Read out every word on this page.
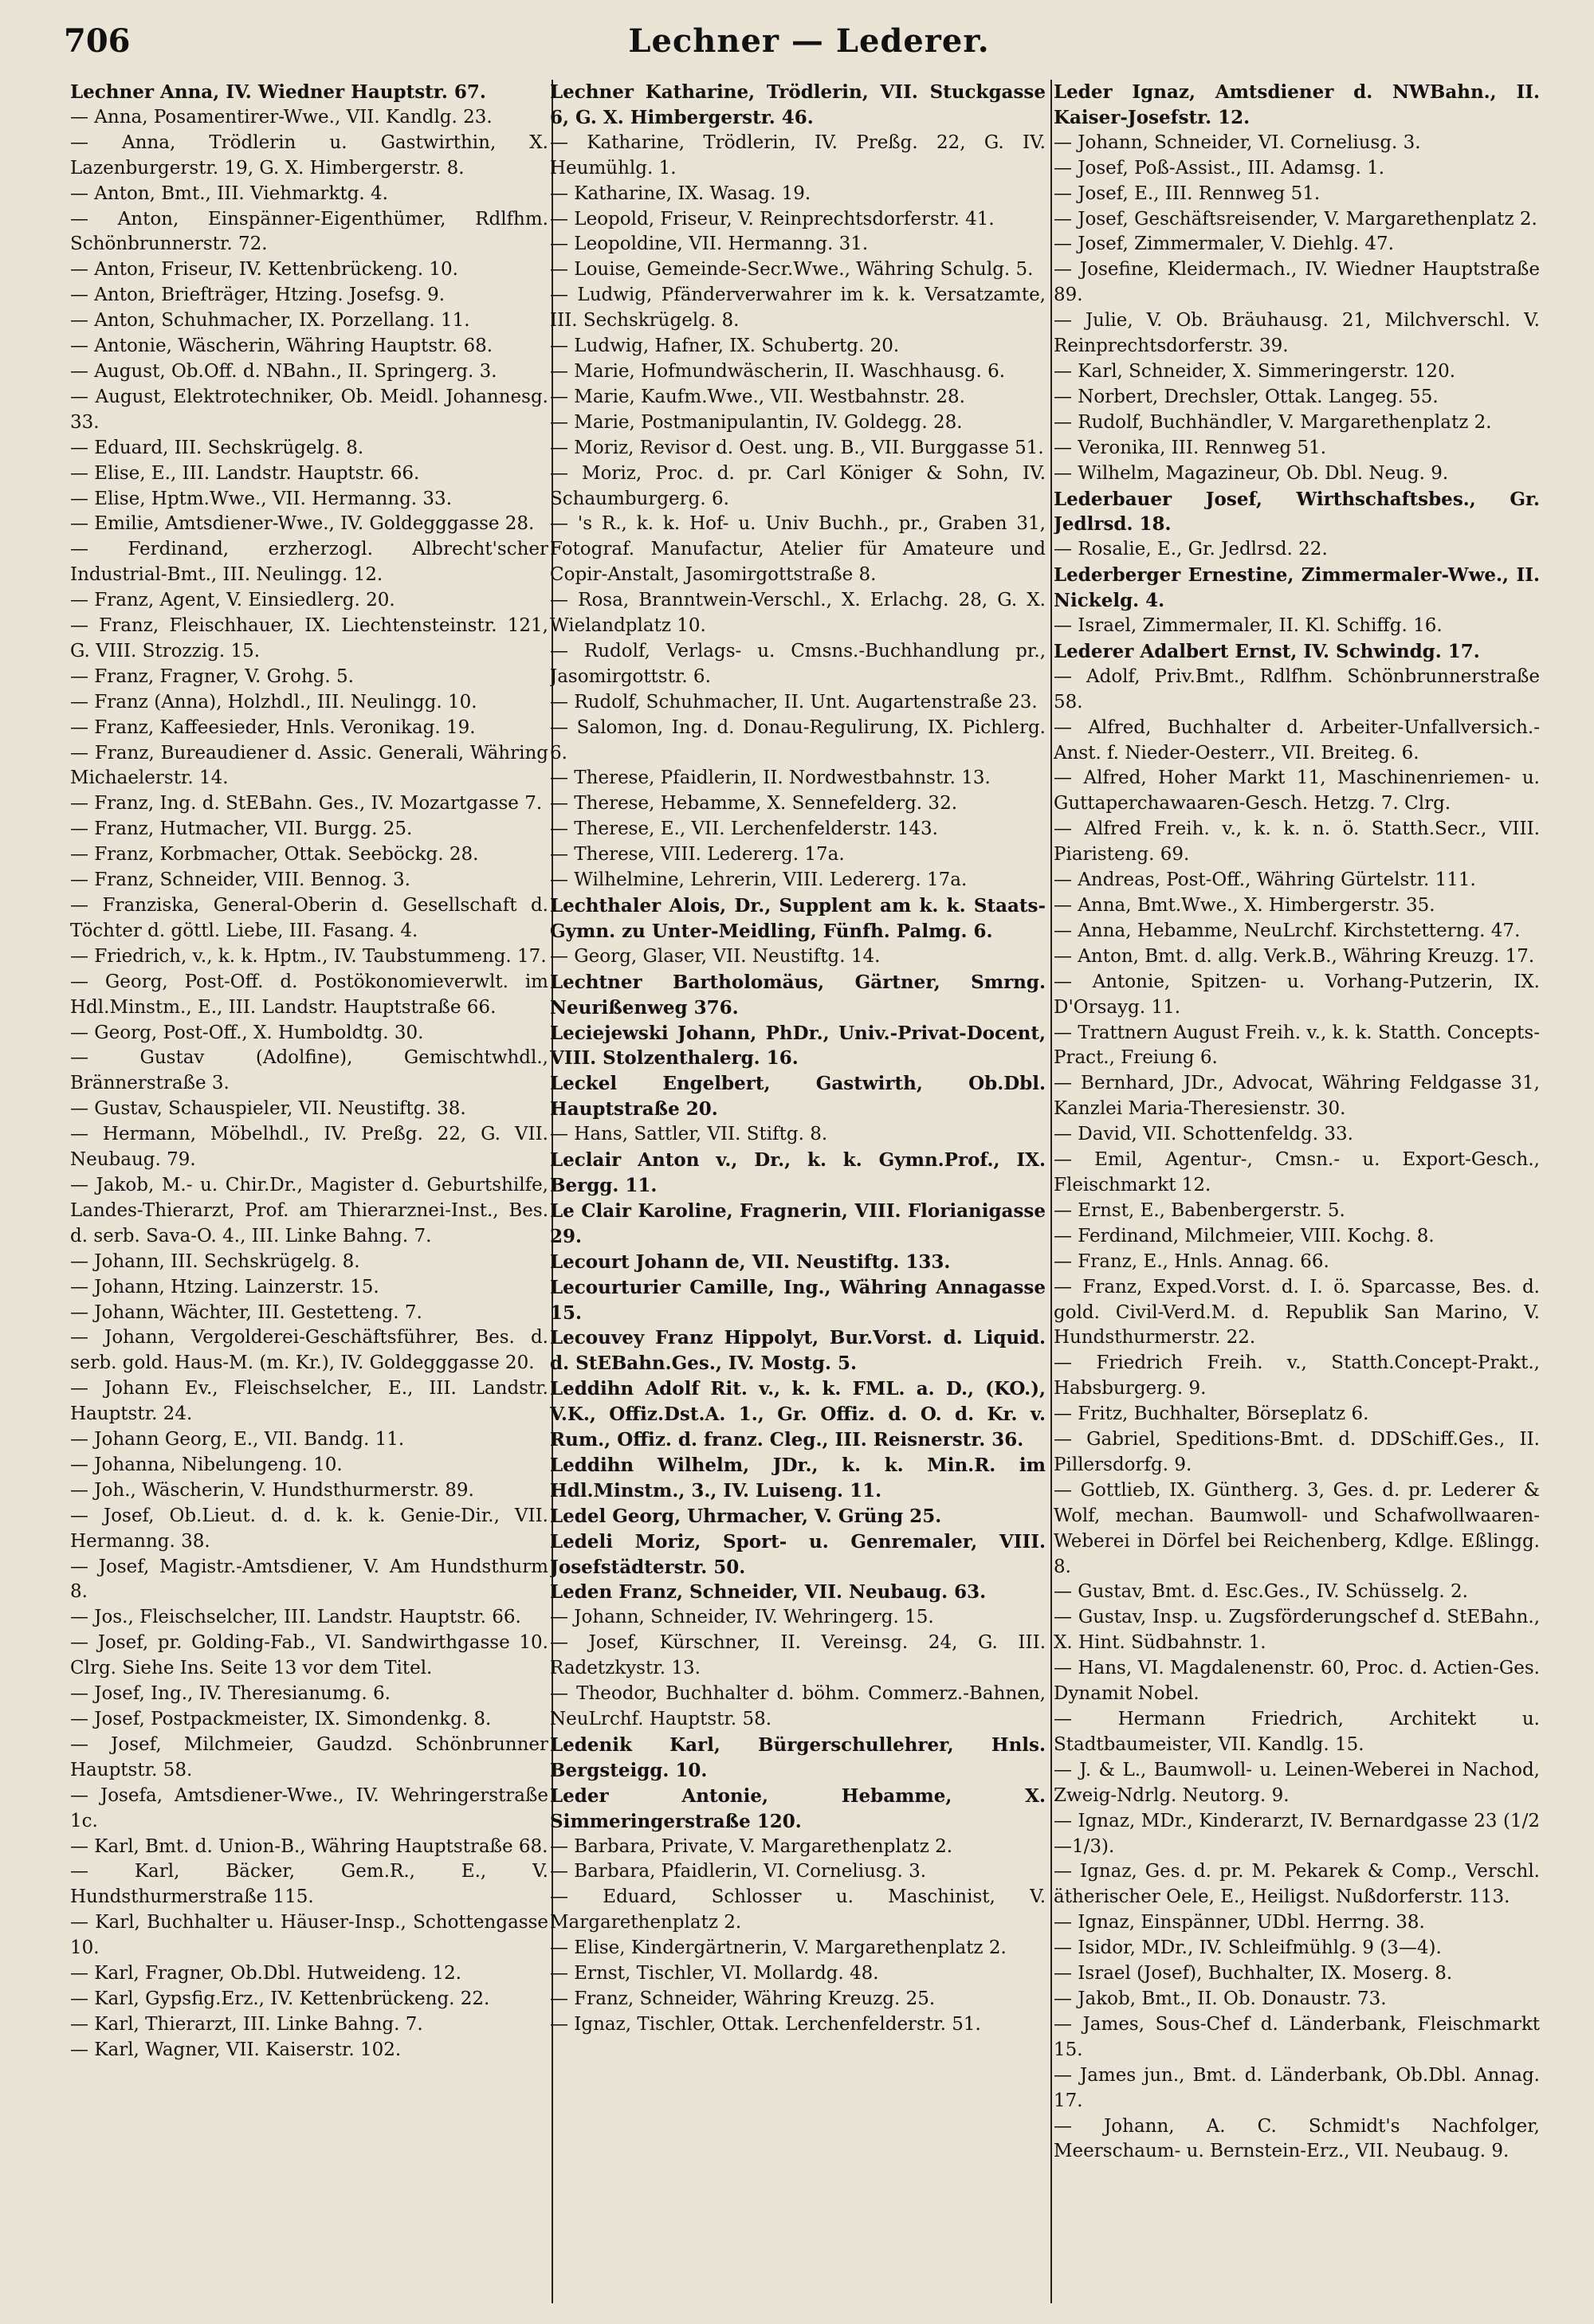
706	Lechner — Lederer.

Lechner Anna, IV. Wiedner Hauptstr. 67.

— Anna, Posamentirer-Wwe., VII. Kandlg. 23.

— Anna, Trödlerin u. Gastwirthin, X. Lazenburgerstr. 19, G. X. Himbergerstr. 8.

— Anton, Bmt., III. Viehmarktg. 4.

— Anton, Einspänner-Eigenthümer, Rdlfhm. Schönbrunnerstr. 72.

— Anton, Friseur, IV. Kettenbrückeng. 10.

— Anton, Briefträger, Htzing. Josefsg. 9.

— Anton, Schuhmacher, IX. Porzellang. 11.

— Antonie, Wäscherin, Währing Hauptstr. 68.

— August, Ob.Off. d. NBahn., II. Springerg. 3.

— August, Elektrotechniker, Ob. Meidl. Johannesg. 33.

— Eduard, III. Sechskrügelg. 8.

— Elise, E., III. Landstr. Hauptstr. 66.

— Elise, Hptm.Wwe., VII. Hermanng. 33.

— Emilie, Amtsdiener-Wwe., IV. Goldegggasse 28.

— Ferdinand, erzherzogl. Albrecht'scher Industrial-Bmt., III. Neulingg. 12.

— Franz, Agent, V. Einsiedlerg. 20.

— Franz, Fleischhauer, IX. Liechtensteinstr. 121, G. VIII. Strozzig. 15.

— Franz, Fragner, V. Grohg. 5.

— Franz (Anna), Holzhdl., III. Neulingg. 10.

— Franz, Kaffeesieder, Hnls. Veronikag. 19.

— Franz, Bureaudiener d. Assic. Generali, Währing Michaelerstr. 14.

— Franz, Ing. d. StEBahn. Ges., IV. Mozartgasse 7.

— Franz, Hutmacher, VII. Burgg. 25.

— Franz, Korbmacher, Ottak. Seeböckg. 28.

— Franz, Schneider, VIII. Bennog. 3.

— Franziska, General-Oberin d. Gesellschaft d. Töchter d. göttl. Liebe, III. Fasang. 4.

— Friedrich, v., k. k. Hptm., IV. Taubstummeng. 17.

— Georg, Post-Off. d. Postökonomieverwlt. im Hdl.Minstm., E., III. Landstr. Hauptstraße 66.

— Georg, Post-Off., X. Humboldtg. 30.

— Gustav (Adolfine), Gemischtwhdl., Brännerstraße 3.

— Gustav, Schauspieler, VII. Neustiftg. 38.

— Hermann, Möbelhdl., IV. Preßg. 22, G. VII. Neubaug. 79.

— Jakob, M.- u. Chir.Dr., Magister d. Geburtshilfe, Landes-Thierarzt, Prof. am Thierarznei-Inst., Bes. d. serb. Sava-O. 4., III. Linke Bahng. 7.

— Johann, III. Sechskrügelg. 8.

— Johann, Htzing. Lainzerstr. 15.

— Johann, Wächter, III. Gestetteng. 7.

— Johann, Vergolderei-Geschäftsführer, Bes. d. serb. gold. Haus-M. (m. Kr.), IV. Goldegggasse 20.

— Johann Ev., Fleischselcher, E., III. Landstr. Hauptstr. 24.

— Johann Georg, E., VII. Bandg. 11.

— Johanna, Nibelungeng. 10.

— Joh., Wäscherin, V. Hundsthurmerstr. 89.

— Josef, Ob.Lieut. d. d. k. k. Genie-Dir., VII. Hermanng. 38.

— Josef, Magistr.-Amtsdiener, V. Am Hundsthurm 8.

— Jos., Fleischselcher, III. Landstr. Hauptstr. 66.

— Josef, pr. Golding-Fab., VI. Sandwirthgasse 10. Clrg. Siehe Ins. Seite 13 vor dem Titel.

— Josef, Ing., IV. Theresianumg. 6.

— Josef, Postpackmeister, IX. Simondenkg. 8.

— Josef, Milchmeier, Gaudzd. Schönbrunner Hauptstr. 58.

— Josefa, Amtsdiener-Wwe., IV. Wehringerstraße 1c.

— Karl, Bmt. d. Union-B., Währing Hauptstraße 68.

— Karl, Bäcker, Gem.R., E., V. Hundsthurmerstraße 115.

— Karl, Buchhalter u. Häuser-Insp., Schottengasse 10.

— Karl, Fragner, Ob.Dbl. Hutweideng. 12.

— Karl, Gypsfig.Erz., IV. Kettenbrückeng. 22.

— Karl, Thierarzt, III. Linke Bahng. 7.

— Karl, Wagner, VII. Kaiserstr. 102.

Lechner Katharine, Trödlerin, VII. Stuckgasse 6, G. X. Himbergerstr. 46.

— Katharine, Trödlerin, IV. Preßg. 22, G. IV. Heumühlg. 1.

— Katharine, IX. Wasag. 19.

— Leopold, Friseur, V. Reinprechtsdorferstr. 41.

— Leopoldine, VII. Hermanng. 31.

— Louise, Gemeinde-Secr.Wwe., Währing Schulg. 5.

— Ludwig, Pfänderverwahrer im k. k. Versatzamte, III. Sechskrügelg. 8.

— Ludwig, Hafner, IX. Schubertg. 20.

— Marie, Hofmundwäscherin, II. Waschhausg. 6.

— Marie, Kaufm.Wwe., VII. Westbahnstr. 28.

— Marie, Postmanipulantin, IV. Goldegg. 28.

— Moriz, Revisor d. Oest. ung. B., VII. Burggasse 51.

— Moriz, Proc. d. pr. Carl Königer & Sohn, IV. Schaumburgerg. 6.

— 's R., k. k. Hof- u. Univ Buchh., pr., Graben 31, Fotograf. Manufactur, Atelier für Amateure und Copir-Anstalt, Jasomirgottstraße 8.

— Rosa, Branntwein-Verschl., X. Erlachg. 28, G. X. Wielandplatz 10.

— Rudolf, Verlags- u. Cmsns.-Buchhandlung pr., Jasomirgottstr. 6.

— Rudolf, Schuhmacher, II. Unt. Augartenstraße 23.

— Salomon, Ing. d. Donau-Regulirung, IX. Pichlerg. 6.

— Therese, Pfaidlerin, II. Nordwestbahnstr. 13.

— Therese, Hebamme, X. Sennefelderg. 32.

— Therese, E., VII. Lerchenfelderstr. 143.

— Therese, VIII. Ledererg. 17a.

— Wilhelmine, Lehrerin, VIII. Ledererg. 17a.

Lechthaler Alois, Dr., Supplent am k. k. Staats-Gymn. zu Unter-Meidling, Fünfh. Palmg. 6.

— Georg, Glaser, VII. Neustiftg. 14.

Lechtner Bartholomäus, Gärtner, Smrng. Neurißenweg 376.

Leciejewski Johann, PhDr., Univ.-Privat-Docent, VIII. Stolzenthalerg. 16.

Leckel Engelbert, Gastwirth, Ob.Dbl. Hauptstraße 20.

— Hans, Sattler, VII. Stiftg. 8.

Leclair Anton v., Dr., k. k. Gymn.Prof., IX. Bergg. 11.

Le Clair Karoline, Fragnerin, VIII. Florianigasse 29.

Lecourt Johann de, VII. Neustiftg. 133.

Lecourturier Camille, Ing., Währing Annagasse 15.

Lecouvey Franz Hippolyt, Bur.Vorst. d. Liquid. d. StEBahn.Ges., IV. Mostg. 5.

Leddihn Adolf Rit. v., k. k. FML. a. D., (KO.), V.K., Offiz.Dst.A. 1., Gr. Offiz. d. O. d. Kr. v. Rum., Offiz. d. franz. Cleg., III. Reisnerstr. 36.

Leddihn Wilhelm, JDr., k. k. Min.R. im Hdl.Minstm., 3., IV. Luiseng. 11.

Ledel Georg, Uhrmacher, V. Grüng 25.

Ledeli Moriz, Sport- u. Genremaler, VIII. Josefstädterstr. 50.

Leden Franz, Schneider, VII. Neubaug. 63.

— Johann, Schneider, IV. Wehringerg. 15.

— Josef, Kürschner, II. Vereinsg. 24, G. III. Radetzkystr. 13.

— Theodor, Buchhalter d. böhm. Commerz.-Bahnen, NeuLrchf. Hauptstr. 58.

Ledenik Karl, Bürgerschullehrer, Hnls. Bergsteigg. 10.

Leder Antonie, Hebamme, X. Simmeringerstraße 120.

— Barbara, Private, V. Margarethenplatz 2.

— Barbara, Pfaidlerin, VI. Corneliusg. 3.

— Eduard, Schlosser u. Maschinist, V. Margarethenplatz 2.

— Elise, Kindergärtnerin, V. Margarethenplatz 2.

— Ernst, Tischler, VI. Mollardg. 48.

— Franz, Schneider, Währing Kreuzg. 25.

— Ignaz, Tischler, Ottak. Lerchenfelderstr. 51.

Leder Ignaz, Amtsdiener d. NWBahn., II. Kaiser-Josefstr. 12.

— Johann, Schneider, VI. Corneliusg. 3.

— Josef, Poß-Assist., III. Adamsg. 1.

— Josef, E., III. Rennweg 51.

— Josef, Geschäftsreisender, V. Margarethenplatz 2.

— Josef, Zimmermaler, V. Diehlg. 47.

— Josefine, Kleidermach., IV. Wiedner Hauptstraße 89.

— Julie, V. Ob. Bräuhausg. 21, Milchverschl. V. Reinprechtsdorferstr. 39.

— Karl, Schneider, X. Simmeringerstr. 120.

— Norbert, Drechsler, Ottak. Langeg. 55.

— Rudolf, Buchhändler, V. Margarethenplatz 2.

— Veronika, III. Rennweg 51.

— Wilhelm, Magazineur, Ob. Dbl. Neug. 9.

Lederbauer Josef, Wirthschaftsbes., Gr. Jedlrsd. 18.

— Rosalie, E., Gr. Jedlrsd. 22.

Lederberger Ernestine, Zimmermaler-Wwe., II. Nickelg. 4.

— Israel, Zimmermaler, II. Kl. Schiffg. 16.

Lederer Adalbert Ernst, IV. Schwindg. 17.

— Adolf, Priv.Bmt., Rdlfhm. Schönbrunnerstraße 58.

— Alfred, Buchhalter d. Arbeiter-Unfallversich.-Anst. f. Nieder-Oesterr., VII. Breiteg. 6.

— Alfred, Hoher Markt 11, Maschinenriemen- u. Guttaperchawaaren-Gesch. Hetzg. 7. Clrg.

— Alfred Freih. v., k. k. n. ö. Statth.Secr., VIII. Piaristeng. 69.

— Andreas, Post-Off., Währing Gürtelstr. 111.

— Anna, Bmt.Wwe., X. Himbergerstr. 35.

— Anna, Hebamme, NeuLrchf. Kirchstetterng. 47.

— Anton, Bmt. d. allg. Verk.B., Währing Kreuzg. 17.

— Antonie, Spitzen- u. Vorhang-Putzerin, IX. D'Orsayg. 11.

— Trattnern August Freih. v., k. k. Statth. Concepts-Pract., Freiung 6.

— Bernhard, JDr., Advocat, Währing Feldgasse 31, Kanzlei Maria-Theresienstr. 30.

— David, VII. Schottenfeldg. 33.

— Emil, Agentur-, Cmsn.- u. Export-Gesch., Fleischmarkt 12.

— Ernst, E., Babenbergerstr. 5.

— Ferdinand, Milchmeier, VIII. Kochg. 8.

— Franz, E., Hnls. Annag. 66.

— Franz, Exped.Vorst. d. I. ö. Sparcasse, Bes. d. gold. Civil-Verd.M. d. Republik San Marino, V. Hundsthurmerstr. 22.

— Friedrich Freih. v., Statth.Concept-Prakt., Habsburgerg. 9.

— Fritz, Buchhalter, Börseplatz 6.

— Gabriel, Speditions-Bmt. d. DDSchiff.Ges., II. Pillersdorfg. 9.

— Gottlieb, IX. Güntherg. 3, Ges. d. pr. Lederer & Wolf, mechan. Baumwoll- und Schafwollwaaren-Weberei in Dörfel bei Reichenberg, Kdlge. Eßlingg. 8.

— Gustav, Bmt. d. Esc.Ges., IV. Schüsselg. 2.

— Gustav, Insp. u. Zugsförderungschef d. StEBahn., X. Hint. Südbahnstr. 1.

— Hans, VI. Magdalenenstr. 60, Proc. d. Actien-Ges. Dynamit Nobel.

— Hermann Friedrich, Architekt u. Stadtbaumeister, VII. Kandlg. 15.

— J. & L., Baumwoll- u. Leinen-Weberei in Nachod, Zweig-Ndrlg. Neutorg. 9.

— Ignaz, MDr., Kinderarzt, IV. Bernardgasse 23 (1/2—1/3).

— Ignaz, Ges. d. pr. M. Pekarek & Comp., Verschl. ätherischer Oele, E., Heiligst. Nußdorferstr. 113.

— Ignaz, Einspänner, UDbl. Herrng. 38.

— Isidor, MDr., IV. Schleifmühlg. 9 (3—4).

— Israel (Josef), Buchhalter, IX. Moserg. 8.

— Jakob, Bmt., II. Ob. Donaustr. 73.

— James, Sous-Chef d. Länderbank, Fleischmarkt 15.

— James jun., Bmt. d. Länderbank, Ob.Dbl. Annag. 17.

— Johann, A. C. Schmidt's Nachfolger, Meerschaum- u. Bernstein-Erz., VII. Neubaug. 9.
